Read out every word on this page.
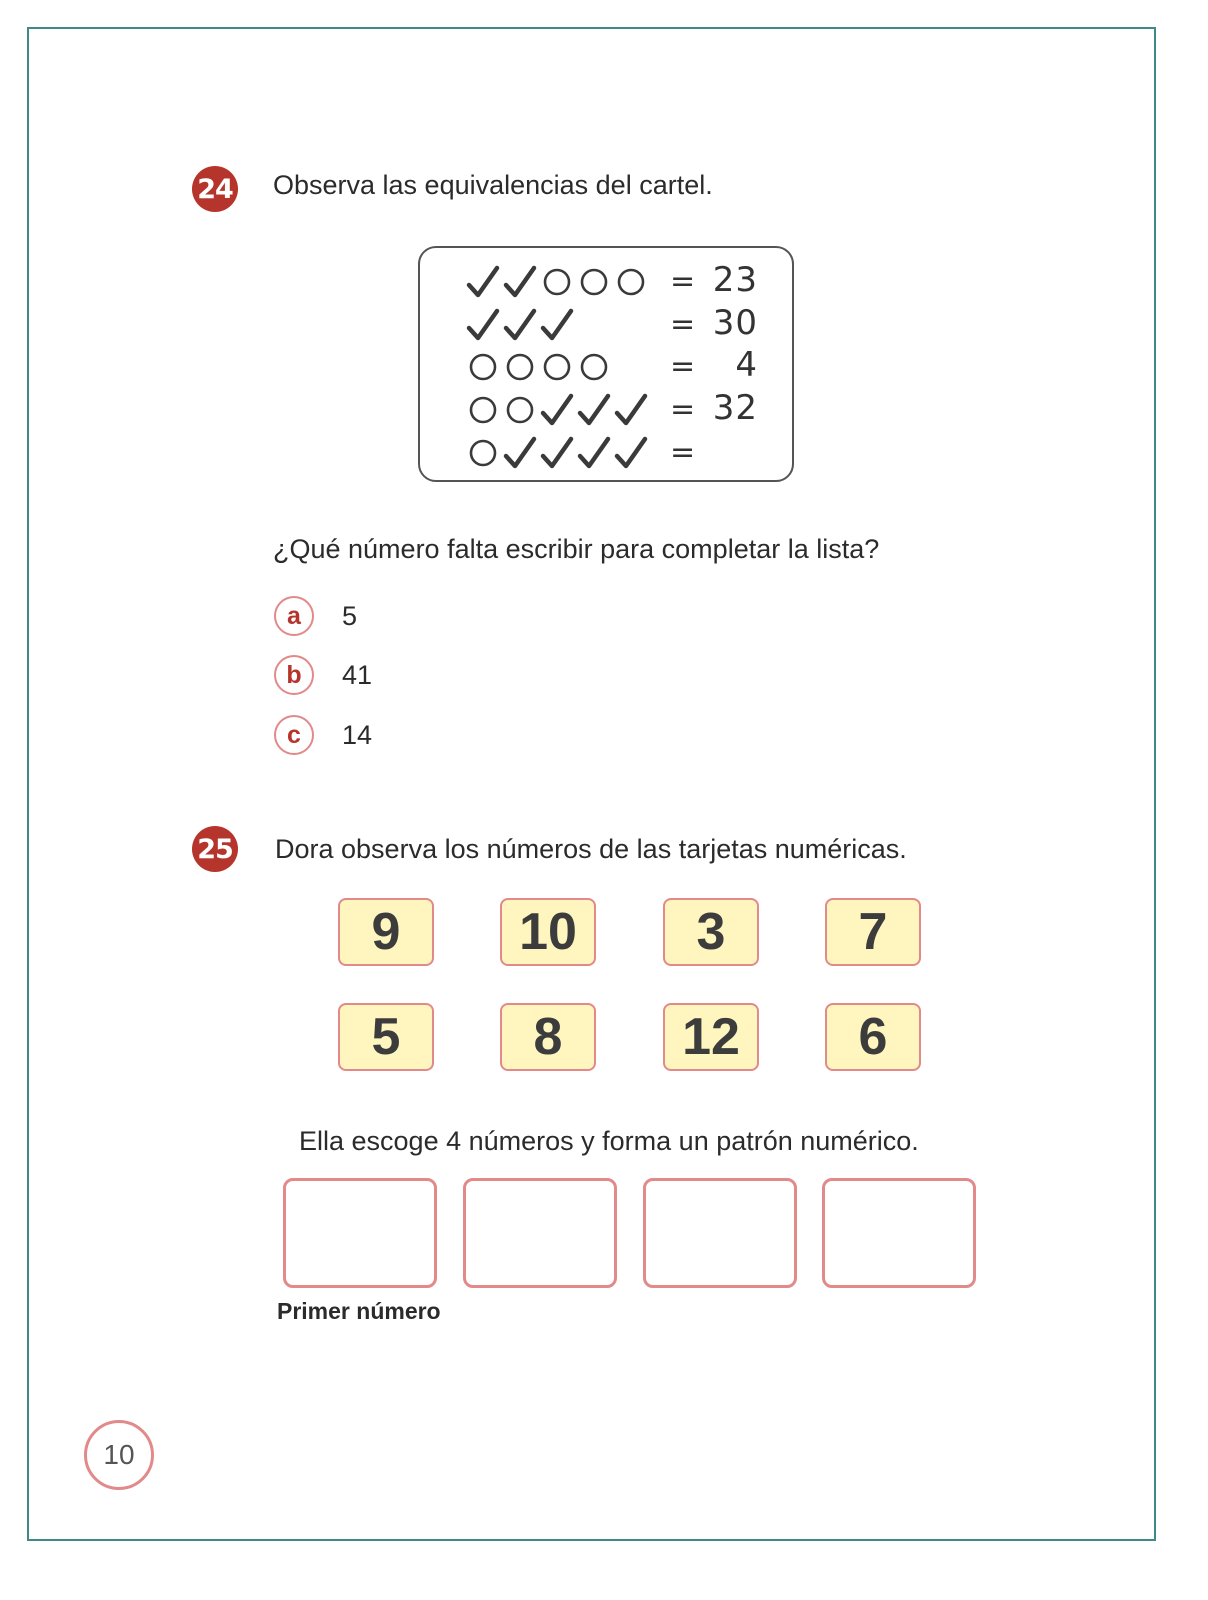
24 Observa las equivalencias del cartel.
= 23
= 30
=	4
= 32
=
¿Qué número falta escribir para completar la lista?
a	5
b	41
c	14
25 Dora observa los números de las tarjetas numéricas.
9	10	3	7
5	8	12	6
Ella escoge 4 números y forma un patrón numérico.
Primer número
10
